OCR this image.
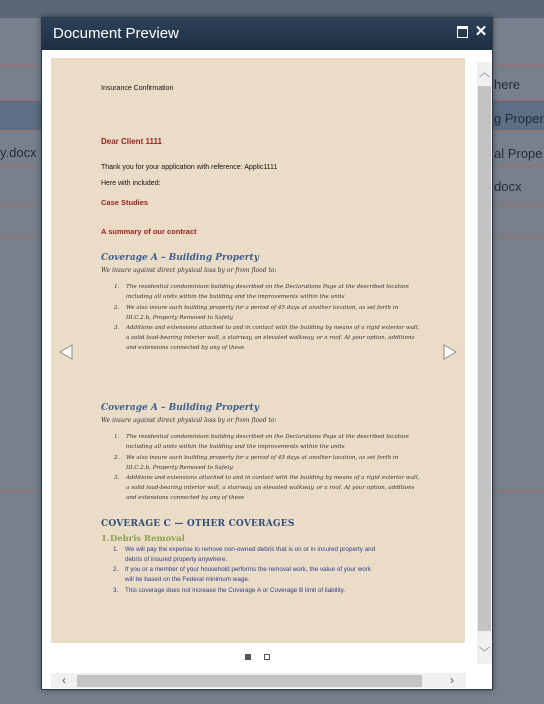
here
g Proper
y.docx	al Prope
docx
Document Preview	✕
Insurance Confirmation
Dear Client 1111
Thank you for your application with reference: Applic1111
Here with included:
Case Studies
A summary of our contract
Coverage A – Building Property
We insure against direct physical loss by or from flood to:
1. The residential condominium building described on the Declarations Page at the described location
including all units within the building and the improvements within the units
2. We also insure such building property for a period of 45 days at another location, as set forth in
III.C.2.b, Property Removed to Safety.
3. Additions and extensions attached to and in contact with the building by means of a rigid exterior wall,
a solid load-bearing interior wall, a stairway, an elevated walkway, or a roof. At your option, additions
and extensions connected by any of these
Coverage A – Building Property
We insure against direct physical loss by or from flood to:
1. The residential condominium building described on the Declarations Page at the described location
including all units within the building and the improvements within the units
2. We also insure such building property for a period of 45 days at another location, as set forth in
III.C.2.b, Property Removed to Safety.
3. Additions and extensions attached to and in contact with the building by means of a rigid exterior wall,
a solid load-bearing interior wall, a stairway, an elevated walkway, or a roof. At your option, additions
and extensions connected by any of these
COVERAGE C — OTHER COVERAGES
1.Debris Removal
1. We will pay the expense to remove non-owned debris that is on or in insured property and
debris of insured property anywhere.
2. If you or a member of your household performs the removal work, the value of your work
will be based on the Federal minimum wage.
3. This coverage does not increase the Coverage A or Coverage B limit of liability.
︿
﹀
‹	›
